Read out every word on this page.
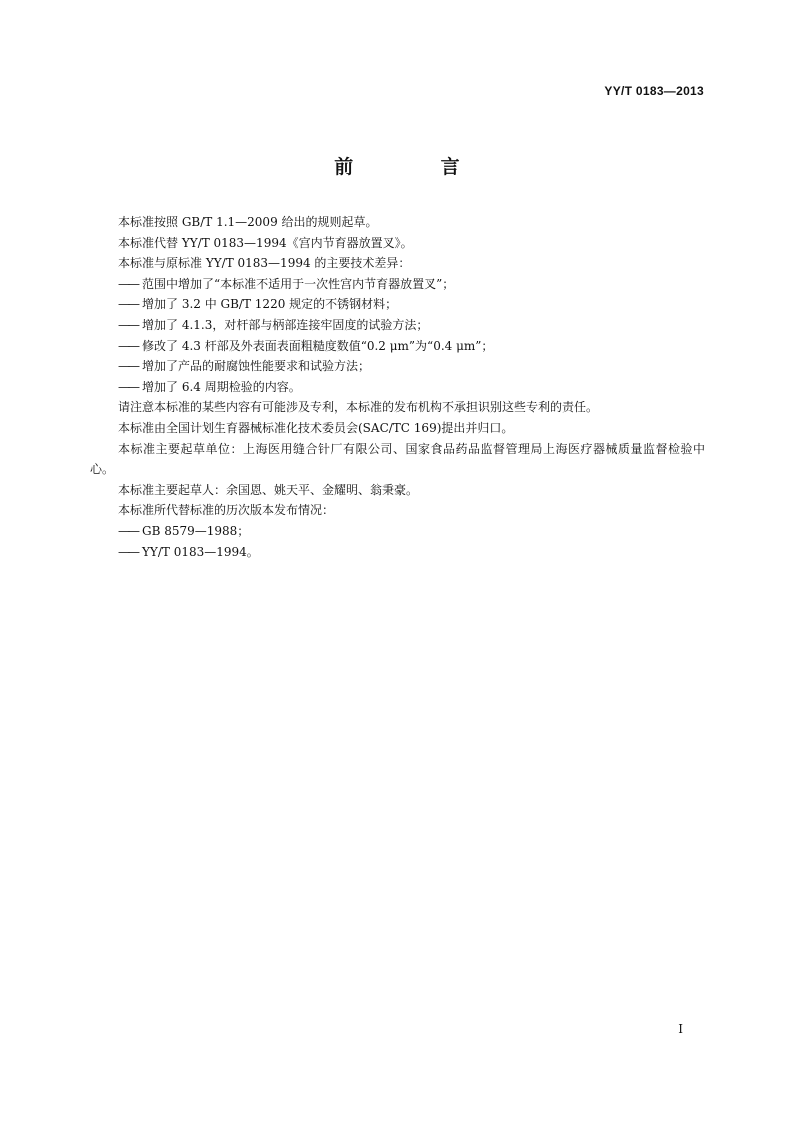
YY/T 0183—2013
前　言

本标准按照 GB/T 1.1—2009 给出的规则起草。

本标准代替 YY/T 0183—1994《宫内节育器放置叉》。

本标准与原标准 YY/T 0183—1994 的主要技术差异：

—— 范围中增加了“本标准不适用于一次性宫内节育器放置叉”；

—— 增加了 3.2 中 GB/T 1220 规定的不锈钢材料；

—— 增加了 4.1.3，对杆部与柄部连接牢固度的试验方法；

—— 修改了 4.3 杆部及外表面表面粗糙度数值“0.2 μm”为“0.4 μm”；

—— 增加了产品的耐腐蚀性能要求和试验方法；

—— 增加了 6.4 周期检验的内容。

请注意本标准的某些内容有可能涉及专利，本标准的发布机构不承担识别这些专利的责任。

本标准由全国计划生育器械标准化技术委员会(SAC/TC 169)提出并归口。

本标准主要起草单位：上海医用缝合针厂有限公司、国家食品药品监督管理局上海医疗器械质量监督检验中心。

本标准主要起草人：余国恩、姚天平、金耀明、翁秉豪。

本标准所代替标准的历次版本发布情况：

—— GB 8579—1988；

—— YY/T 0183—1994。

I
